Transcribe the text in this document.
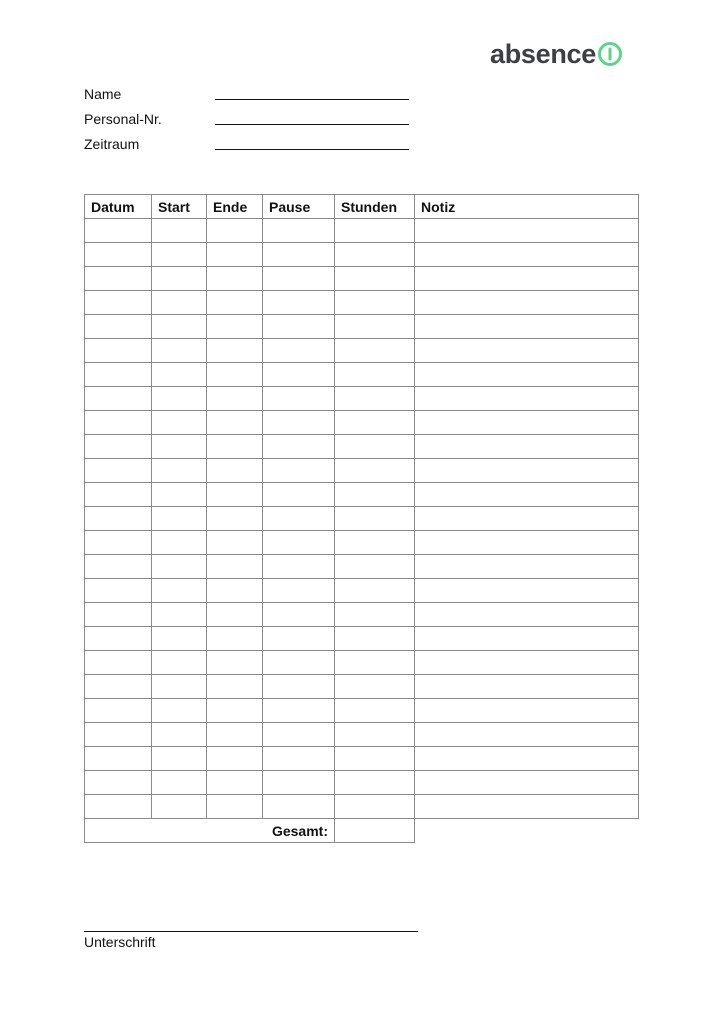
absence
Name
Personal-Nr.
Zeitraum
Datum	Start	Ende	Pause	Stunden	Notiz

Gesamt:					
Unterschrift
